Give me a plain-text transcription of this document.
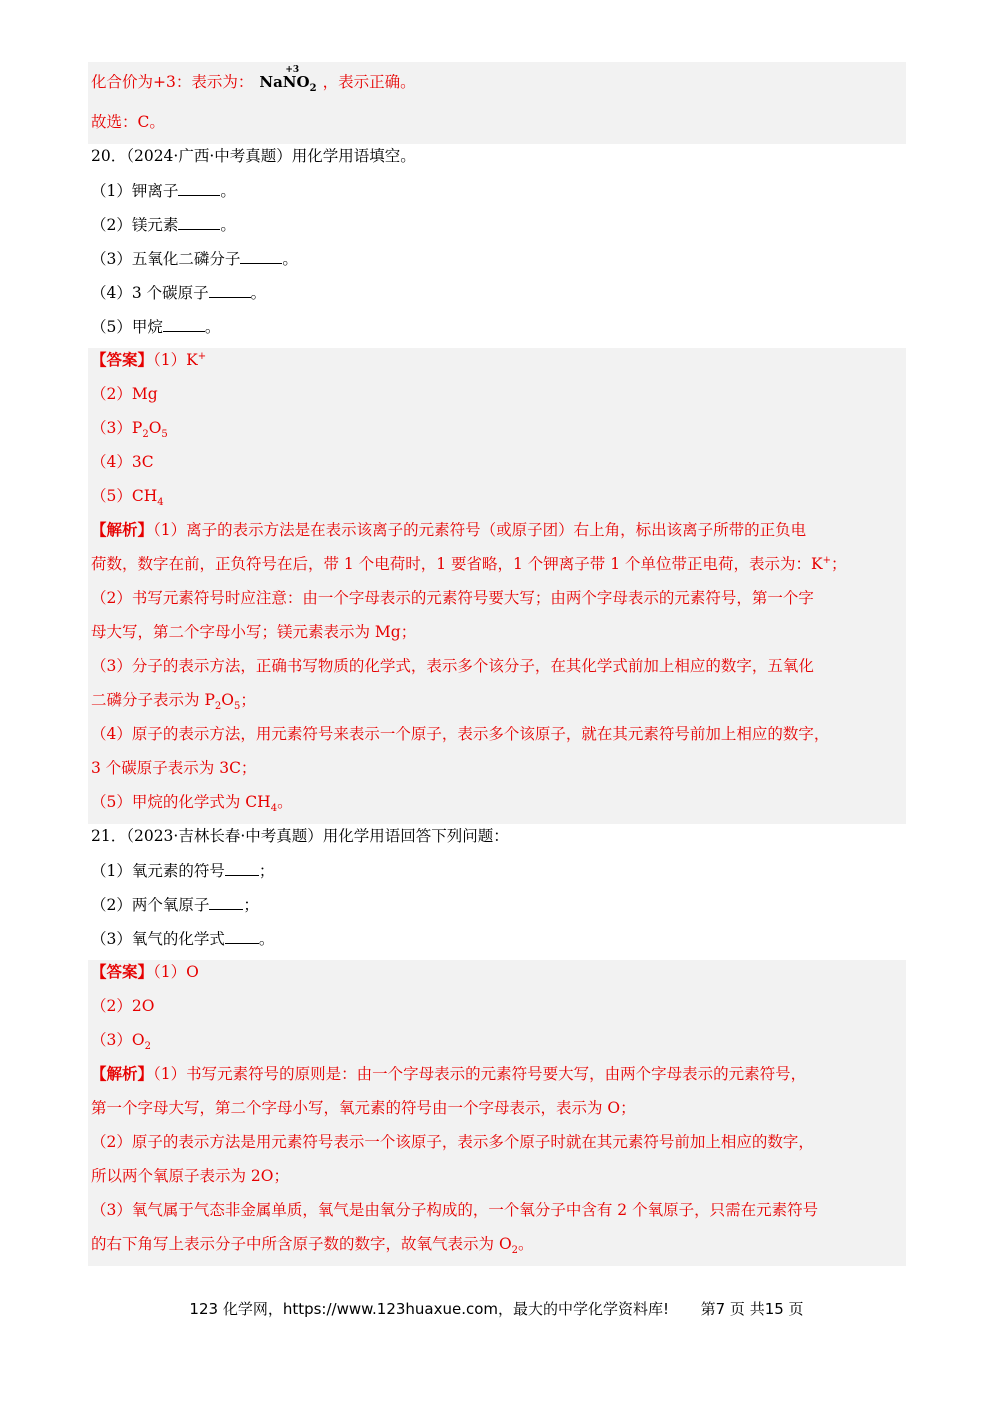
化合价为+3：表示为： NaNO$_2$
+3
，表示正确。
故选：C。
20．（2024·广西·中考真题）用化学用语填空。
（1）钾离子	。
（2）镁元素	。
（3）五氧化二磷分子	。
（4）3 个碳原子	。
（5）甲烷	。
【答案】（1）K+
（2）Mg
$(3)P_2O_5$
（4）3C
$(5)CH_4$
【解析】（1）离子的表示方法是在表示该离子的元素符号（或原子团）右上角，标出该离子所带的正负电
荷数，数字在前，正负符号在后，带 1 个电荷时，1 要省略，1 个钾离子带 1 个单位带正电荷，表示为：K+；
（2）书写元素符号时应注意：由一个字母表示的元素符号要大写；由两个字母表示的元素符号，第一个字
母大写，第二个字母小写；镁元素表示为 Mg；
（3）分子的表示方法，正确书写物质的化学式，表示多个该分子，在其化学式前加上相应的数字，五氧化
二磷分子表示为 $P_2O_5$；
（4）原子的表示方法，用元素符号来表示一个原子，表示多个该原子，就在其元素符号前加上相应的数字，
3 个碳原子表示为 3C；
（5）甲烷的化学式为 $CH_4$。
21．（2023·吉林长春·中考真题）用化学用语回答下列问题：
（1）氧元素的符号 ；
（2）两个氧原子 ；
（3）氧气的化学式 。
【答案】（1）O
（2）2O
$(3)O_2$
【解析】（1）书写元素符号的原则是：由一个字母表示的元素符号要大写，由两个字母表示的元素符号，
第一个字母大写，第二个字母小写，氧元素的符号由一个字母表示，表示为 O；
（2）原子的表示方法是用元素符号表示一个该原子，表示多个原子时就在其元素符号前加上相应的数字，
所以两个氧原子表示为 2O；
（3）氧气属于气态非金属单质，氧气是由氧分子构成的，一个氧分子中含有 2 个氧原子，只需在元素符号
的右下角写上表示分子中所含原子数的数字，故氧气表示为 $O_2$。
123 化学网，https://www.123huaxue.com，最大的中学化学资料库! 第7 页 共15 页
